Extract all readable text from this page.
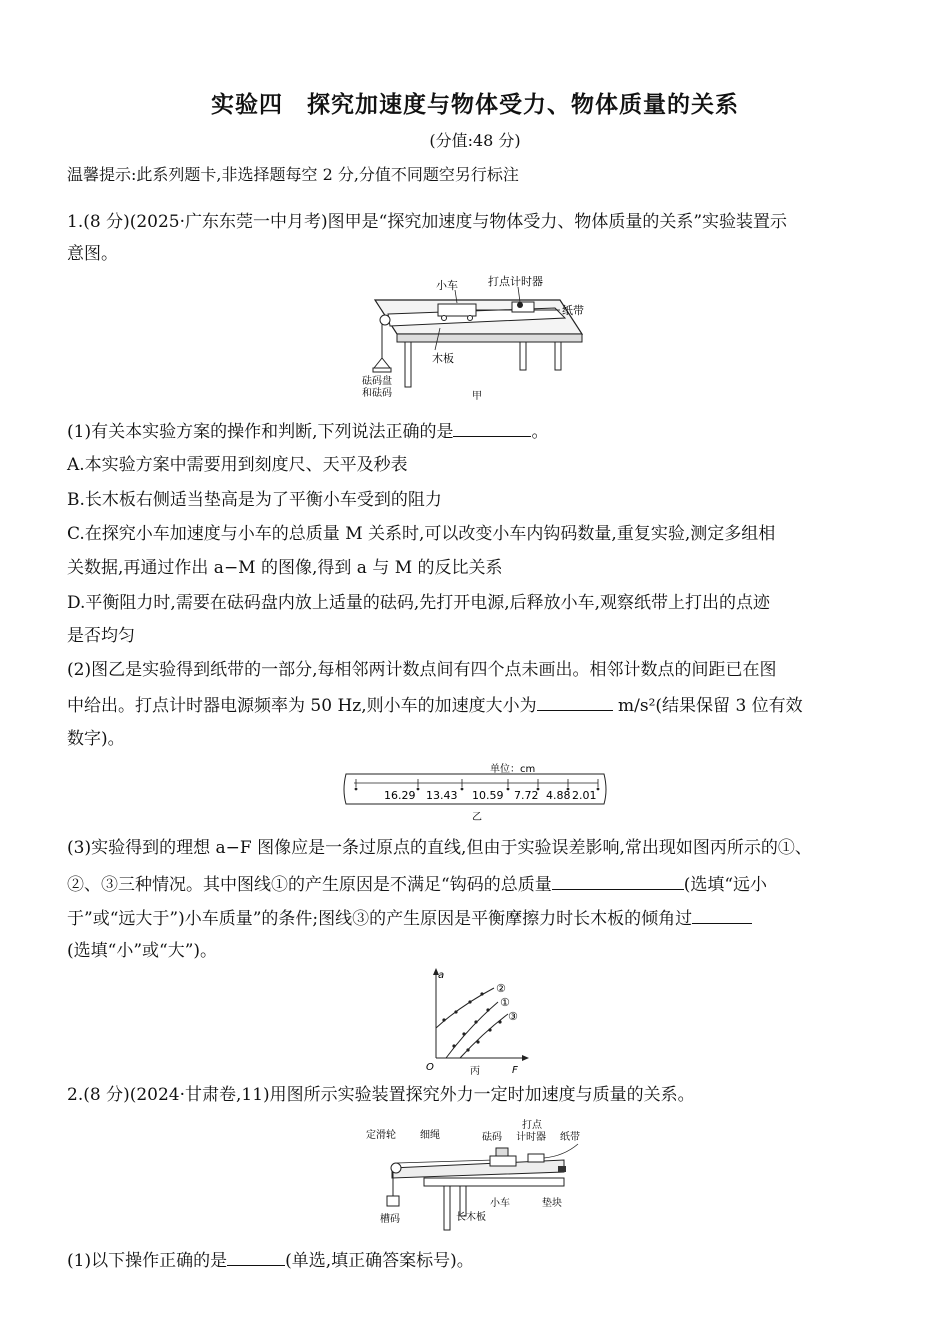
实验四　探究加速度与物体受力、物体质量的关系
(分值:48 分)
温馨提示:此系列题卡,非选择题每空 2 分,分值不同题空另行标注
1.(8 分)(2025·广东东莞一中月考)图甲是“探究加速度与物体受力、物体质量的关系”实验装置示
意图。
小车	打点计时器
纸带
木板
砝码盘
和砝码	甲
(1)有关本实验方案的操作和判断,下列说法正确的是	。
A.本实验方案中需要用到刻度尺、天平及秒表
B.长木板右侧适当垫高是为了平衡小车受到的阻力
C.在探究小车加速度与小车的总质量 M 关系时,可以改变小车内钩码数量,重复实验,测定多组相
关数据,再通过作出 a−M 的图像,得到 a 与 M 的反比关系
D.平衡阻力时,需要在砝码盘内放上适量的砝码,先打开电源,后释放小车,观察纸带上打出的点迹
是否均匀
(2)图乙是实验得到纸带的一部分,每相邻两计数点间有四个点未画出。相邻计数点的间距已在图
中给出。打点计时器电源频率为 50 Hz,则小车的加速度大小为	m/s²(结果保留 3 位有效
数字)。
单位：cm
16.29 13.43 10.59 7.72 4.88 2.01
乙
(3)实验得到的理想 a−F 图像应是一条过原点的直线,但由于实验误差影响,常出现如图丙所示的①、
②、③三种情况。其中图线①的产生原因是不满足“钩码的总质量	(选填“远小
于”或“远大于”)小车质量”的条件;图线③的产生原因是平衡摩擦力时长木板的倾角过
(选填“小”或“大”)。
a
F
O
②
①
③
丙
2.(8 分)(2024·甘肃卷,11)用图所示实验装置探究外力一定时加速度与质量的关系。
定滑轮 细绳	砝码
打点
计时器 纸带
槽码	长木板
小车	垫块
(1)以下操作正确的是	(单选,填正确答案标号)。
